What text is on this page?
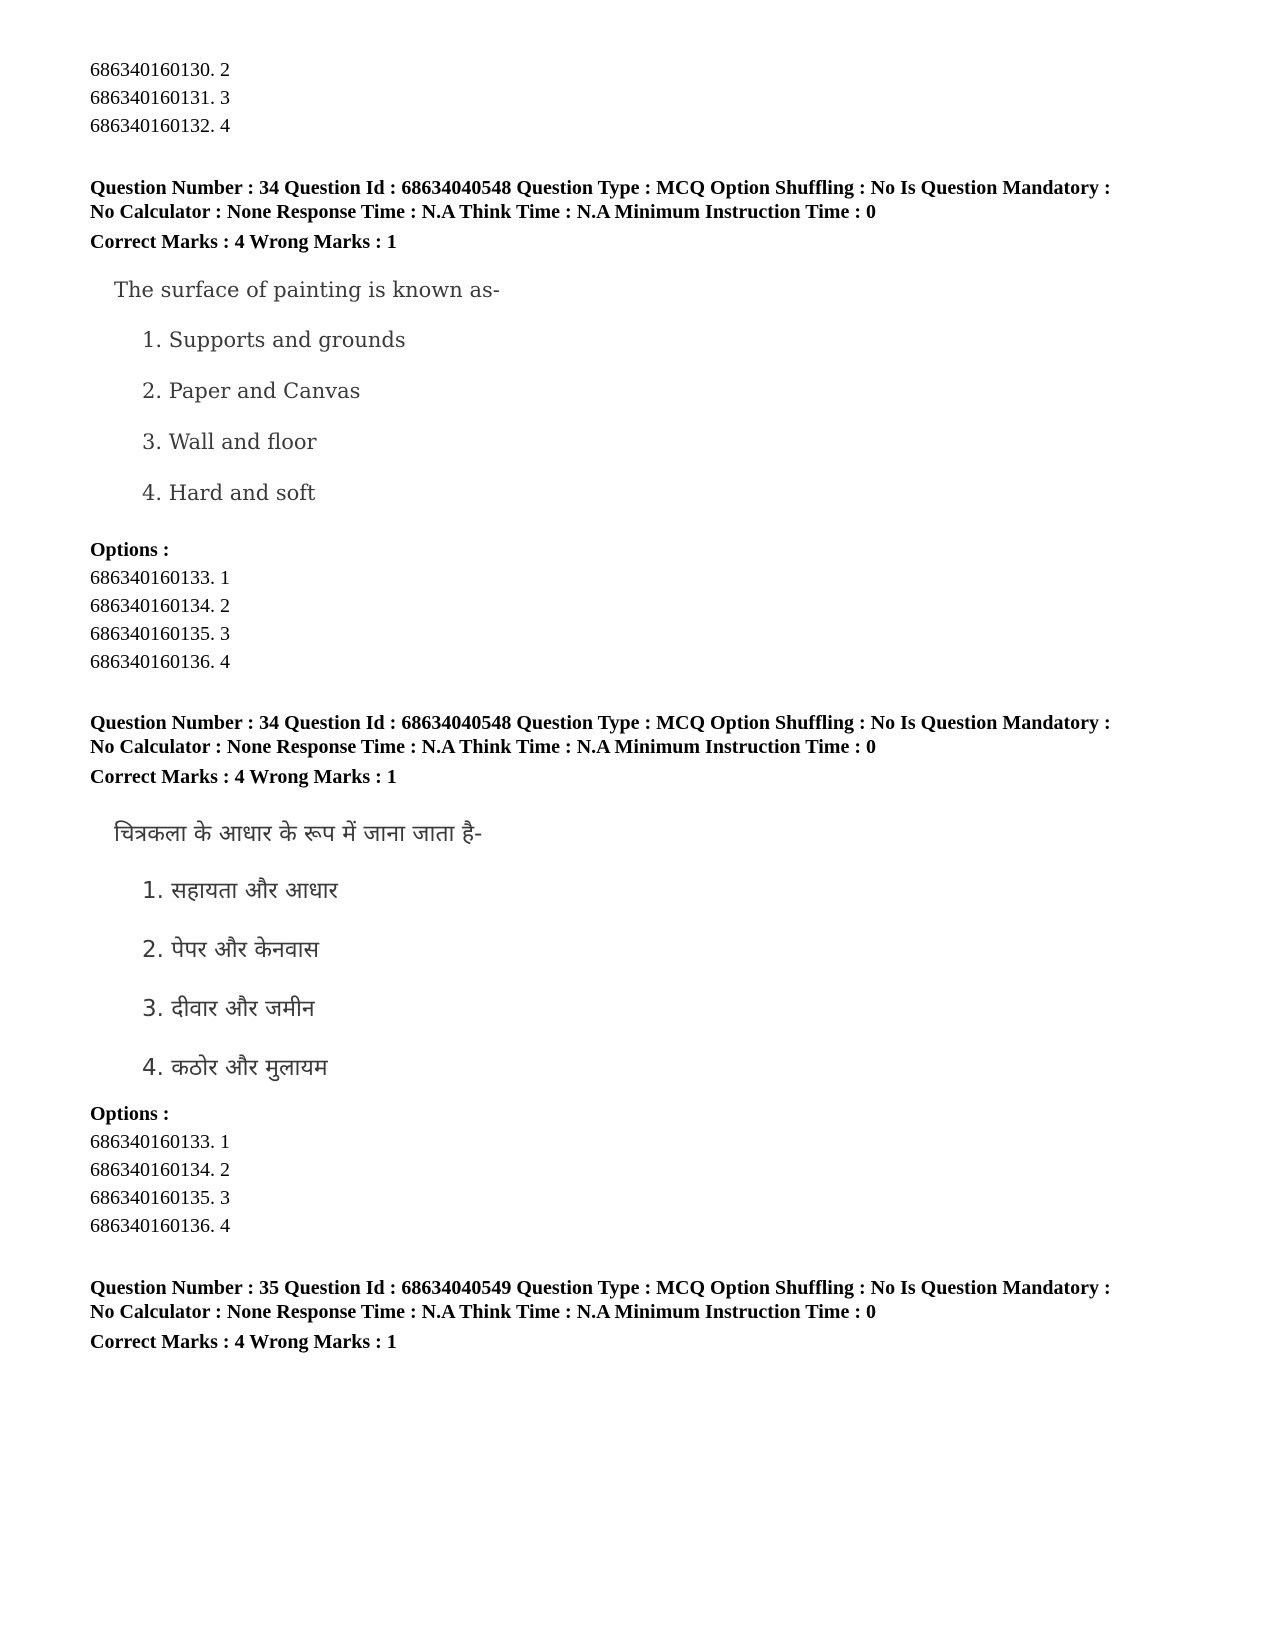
686340160130. 2
686340160131. 3
686340160132. 4
Question Number : 34 Question Id : 68634040548 Question Type : MCQ Option Shuffling : No Is Question Mandatory :
No Calculator : None Response Time : N.A Think Time : N.A Minimum Instruction Time : 0
Correct Marks : 4 Wrong Marks : 1
The surface of painting is known as-
1. Supports and grounds
2. Paper and Canvas
3. Wall and floor
4. Hard and soft
Options :
686340160133. 1
686340160134. 2
686340160135. 3
686340160136. 4
Question Number : 34 Question Id : 68634040548 Question Type : MCQ Option Shuffling : No Is Question Mandatory :
No Calculator : None Response Time : N.A Think Time : N.A Minimum Instruction Time : 0
Correct Marks : 4 Wrong Marks : 1
चित्रकला के आधार के रूप में जाना जाता है-
1. सहायता और आधार
2. पेपर और केनवास
3. दीवार और जमीन
4. कठोर और मुलायम
Options :
686340160133. 1
686340160134. 2
686340160135. 3
686340160136. 4
Question Number : 35 Question Id : 68634040549 Question Type : MCQ Option Shuffling : No Is Question Mandatory :
No Calculator : None Response Time : N.A Think Time : N.A Minimum Instruction Time : 0
Correct Marks : 4 Wrong Marks : 1
